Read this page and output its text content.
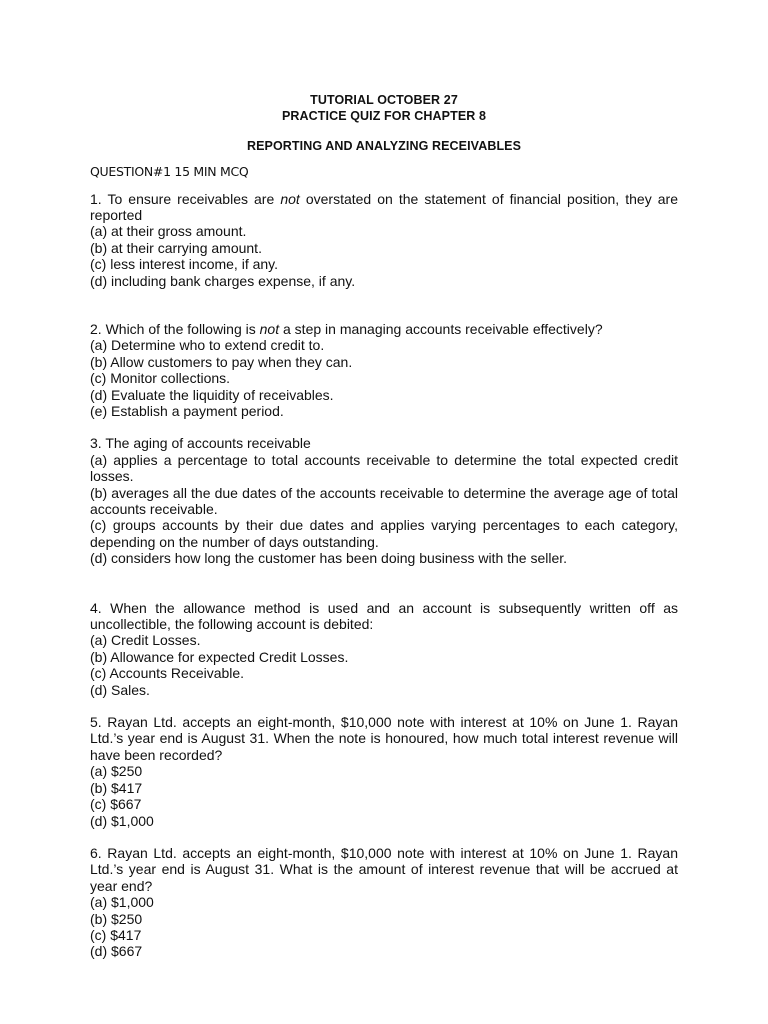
TUTORIAL OCTOBER 27
PRACTICE QUIZ FOR CHAPTER 8
REPORTING AND ANALYZING RECEIVABLES
QUESTION#1 15 MIN MCQ
1. To ensure receivables are not overstated on the statement of financial position, they are reported
(a) at their gross amount.
(b) at their carrying amount.
(c) less interest income, if any.
(d) including bank charges expense, if any.
2. Which of the following is not a step in managing accounts receivable effectively?
(a) Determine who to extend credit to.
(b) Allow customers to pay when they can.
(c) Monitor collections.
(d) Evaluate the liquidity of receivables.
(e) Establish a payment period.
3. The aging of accounts receivable
(a) applies a percentage to total accounts receivable to determine the total expected credit losses.
(b) averages all the due dates of the accounts receivable to determine the average age of total accounts receivable.
(c) groups accounts by their due dates and applies varying percentages to each category, depending on the number of days outstanding.
(d) considers how long the customer has been doing business with the seller.
4. When the allowance method is used and an account is subsequently written off as uncollectible, the following account is debited:
(a) Credit Losses.
(b) Allowance for expected Credit Losses.
(c) Accounts Receivable.
(d) Sales.
5. Rayan Ltd. accepts an eight-month, $10,000 note with interest at 10% on June 1. Rayan Ltd.’s year end is August 31. When the note is honoured, how much total interest revenue will have been recorded?
(a) $250
(b) $417
(c) $667
(d) $1,000
6. Rayan Ltd. accepts an eight-month, $10,000 note with interest at 10% on June 1. Rayan Ltd.’s year end is August 31. What is the amount of interest revenue that will be accrued at year end?
(a) $1,000
(b) $250
(c) $417
(d) $667
